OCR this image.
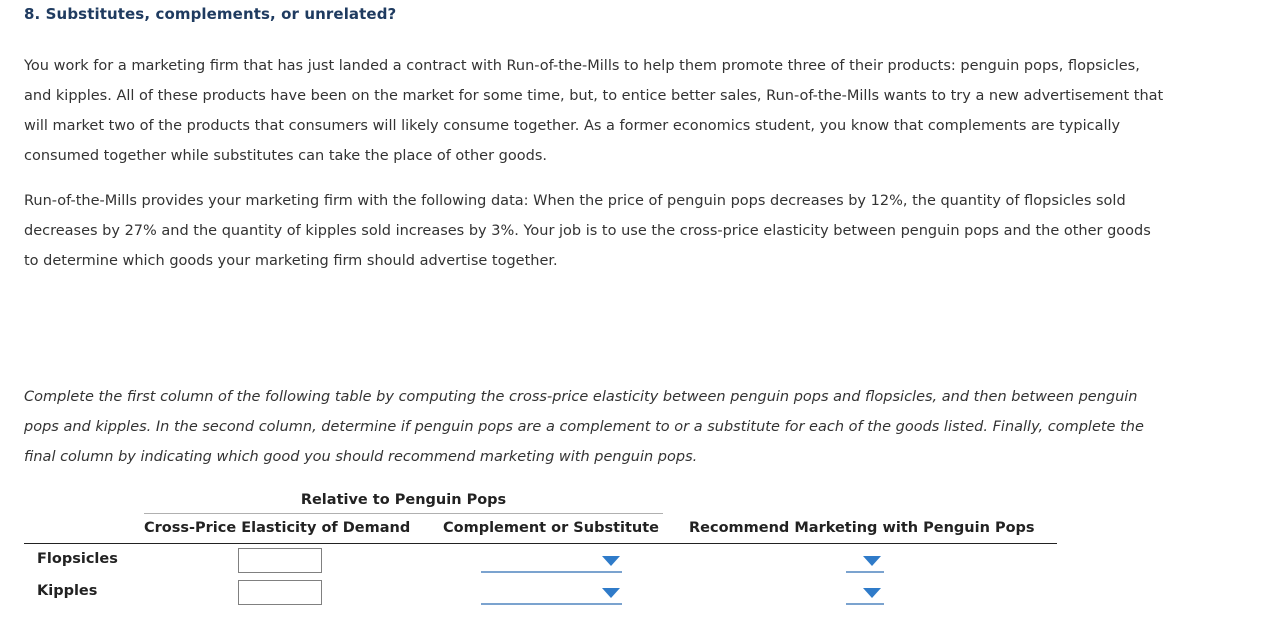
8. Substitutes, complements, or unrelated?

You work for a marketing firm that has just landed a contract with Run-of-the-Mills to help them promote three of their products: penguin pops, flopsicles, and kipples. All of these products have been on the market for some time, but, to entice better sales, Run-of-the-Mills wants to try a new advertisement that will market two of the products that consumers will likely consume together. As a former economics student, you know that complements are typically consumed together while substitutes can take the place of other goods.

Run-of-the-Mills provides your marketing firm with the following data: When the price of penguin pops decreases by 12%, the quantity of flopsicles sold decreases by 27% and the quantity of kipples sold increases by 3%. Your job is to use the cross-price elasticity between penguin pops and the other goods to determine which goods your marketing firm should advertise together.

Complete the first column of the following table by computing the cross-price elasticity between penguin pops and flopsicles, and then between penguin pops and kipples. In the second column, determine if penguin pops are a complement to or a substitute for each of the goods listed. Finally, complete the final column by indicating which good you should recommend marketing with penguin pops.

Relative to Penguin Pops
Cross-Price Elasticity of Demand Complement or Substitute Recommend Marketing with Penguin Pops
Flopsicles
Kipples
